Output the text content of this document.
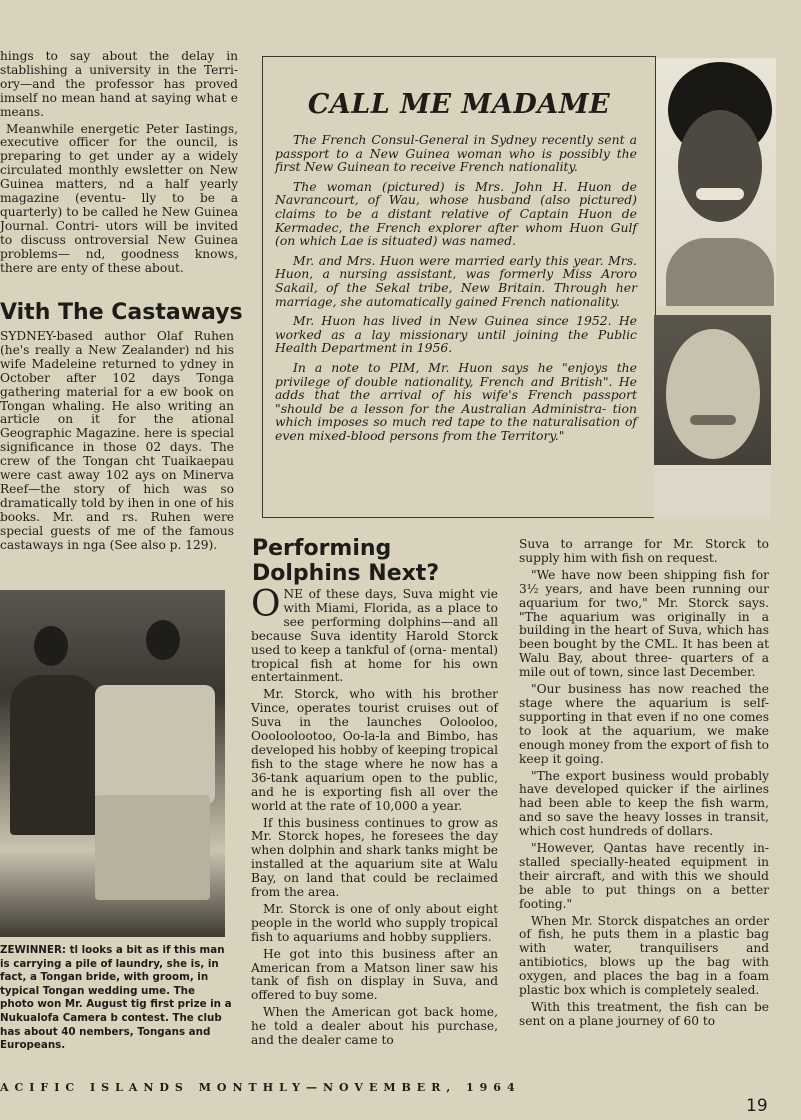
hings to say about the delay in stablishing a university in the Terri- ory—and the professor has proved imself no mean hand at saying what e means.

Meanwhile energetic Peter Iastings, executive officer for the ouncil, is preparing to get under ay a widely circulated monthly ewsletter on New Guinea matters, nd a half yearly magazine (eventu- lly to be a quarterly) to be called he New Guinea Journal. Contri- utors will be invited to discuss ontroversial New Guinea problems— nd, goodness knows, there are enty of these about.

Vith The Castaways

SYDNEY-based author Olaf Ruhen (he's really a New Zealander) nd his wife Madeleine returned to ydney in October after 102 days Tonga gathering material for a ew book on Tongan whaling. He also writing an article on it for the ational Geographic Magazine. here is special significance in those 02 days. The crew of the Tongan cht Tuaikaepau were cast away 102 ays on Minerva Reef—the story of hich was so dramatically told by ihen in one of his books. Mr. and rs. Ruhen were special guests of me of the famous castaways in nga (See also p. 129).

ZEWINNER: tl looks a bit as if this man is carrying a pile of laundry, she is, in fact, a Tongan bride, with groom, in typical Tongan wedding ume. The photo won Mr. August tig first prize in a Nukualofa Camera b contest. The club has about 40 nembers, Tongans and Europeans.
CALL ME MADAME

The French Consul-General in Sydney recently sent a passport to a New Guinea woman who is possibly the first New Guinean to receive French nationality.

The woman (pictured) is Mrs. John H. Huon de Navrancourt, of Wau, whose husband (also pictured) claims to be a distant relative of Captain Huon de Kermadec, the French explorer after whom Huon Gulf (on which Lae is situated) was named.

Mr. and Mrs. Huon were married early this year. Mrs. Huon, a nursing assistant, was formerly Miss Aroro Sakail, of the Sekal tribe, New Britain. Through her marriage, she automatically gained French nationality.

Mr. Huon has lived in New Guinea since 1952. He worked as a lay missionary until joining the Public Health Department in 1956.

In a note to PIM, Mr. Huon says he "enjoys the privilege of double nationality, French and British". He adds that the arrival of his wife's French passport "should be a lesson for the Australian Administra- tion which imposes so much red tape to the naturalisation of even mixed-blood persons from the Territory."

Performing
Dolphins Next?

ONE of these days, Suva might vie with Miami, Florida, as a place to see performing dolphins—and all because Suva identity Harold Storck used to keep a tankful of (orna- mental) tropical fish at home for his own entertainment.

Mr. Storck, who with his brother Vince, operates tourist cruises out of Suva in the launches Oolooloo, Oooloolootoo, Oo-la-la and Bimbo, has developed his hobby of keeping tropical fish to the stage where he now has a 36-tank aquarium open to the public, and he is exporting fish all over the world at the rate of 10,000 a year.

If this business continues to grow as Mr. Storck hopes, he foresees the day when dolphin and shark tanks might be installed at the aquarium site at Walu Bay, on land that could be reclaimed from the area.

Mr. Storck is one of only about eight people in the world who supply tropical fish to aquariums and hobby suppliers.

He got into this business after an American from a Matson liner saw his tank of fish on display in Suva, and offered to buy some.

When the American got back home, he told a dealer about his purchase, and the dealer came to

Suva to arrange for Mr. Storck to supply him with fish on request.

"We have now been shipping fish for 3½ years, and have been running our aquarium for two," Mr. Storck says. "The aquarium was originally in a building in the heart of Suva, which has been bought by the CML. It has been at Walu Bay, about three- quarters of a mile out of town, since last December.

"Our business has now reached the stage where the aquarium is self- supporting in that even if no one comes to look at the aquarium, we make enough money from the export of fish to keep it going.

"The export business would probably have developed quicker if the airlines had been able to keep the fish warm, and so save the heavy losses in transit, which cost hundreds of dollars.

"However, Qantas have recently in- stalled specially-heated equipment in their aircraft, and with this we should be able to put things on a better footing."

When Mr. Storck dispatches an order of fish, he puts them in a plastic bag with water, tranquilisers and antibiotics, blows up the bag with oxygen, and places the bag in a foam plastic box which is completely sealed.

With this treatment, the fish can be sent on a plane journey of 60 to

ACIFIC ISLANDS MONTHLY—NOVEMBER, 1964
19
